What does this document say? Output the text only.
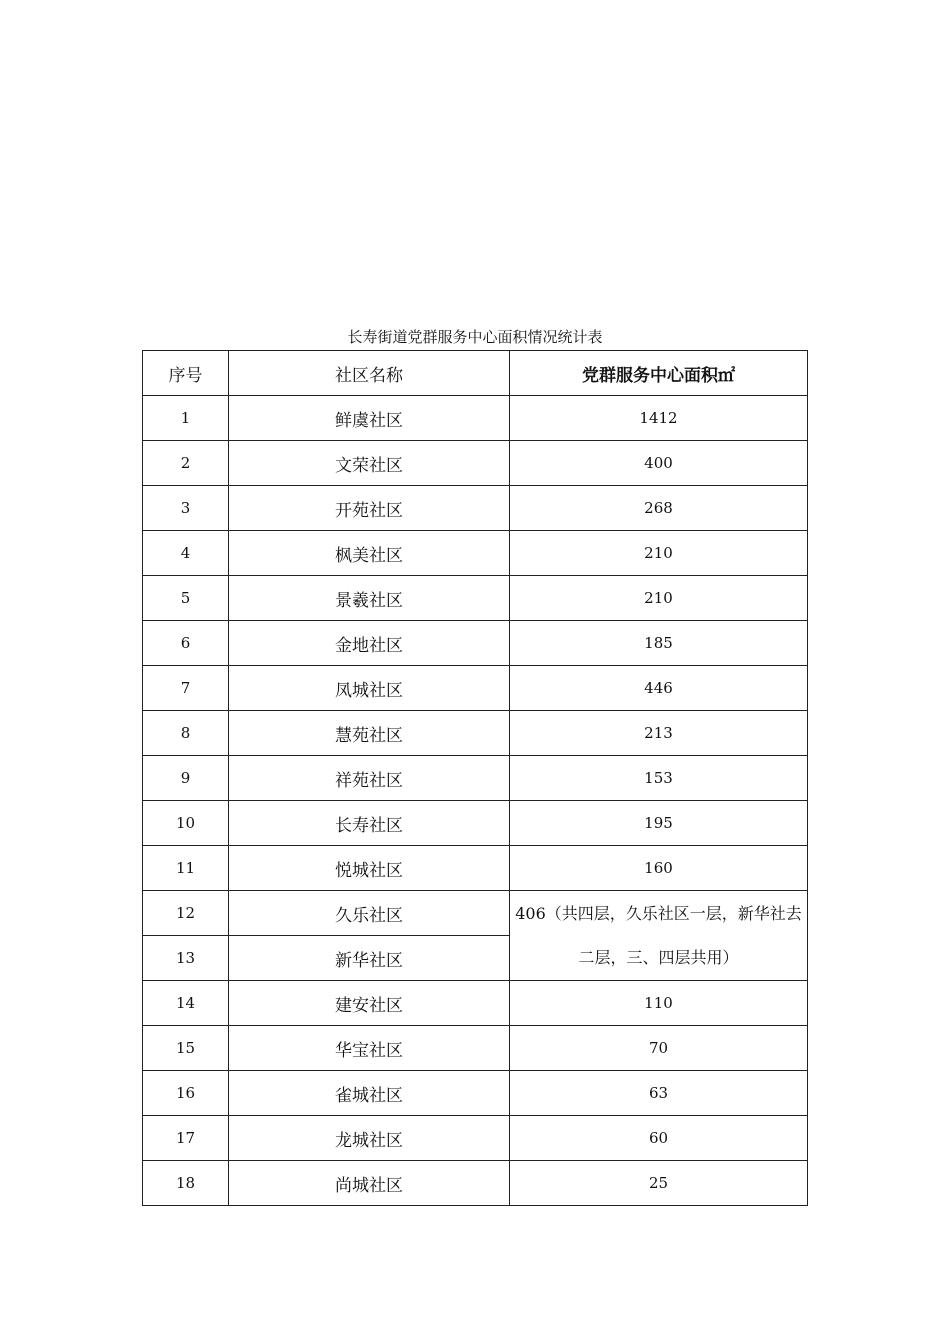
长寿街道党群服务中心面积情况统计表
序号	社区名称	党群服务中心面积㎡
1	鲜虞社区	1412
2	文荣社区	400
3	开苑社区	268
4	枫美社区	210
5	景羲社区	210
6	金地社区	185
7	凤城社区	446
8	慧苑社区	213
9	祥苑社区	153
10	长寿社区	195
11	悦城社区	160
12	久乐社区	406（共四层，久乐社区一层，新华社去二层，三、四层共用）
13	新华社区	
14	建安社区	110
15	华宝社区	70
16	雀城社区	63
17	龙城社区	60
18	尚城社区	25
